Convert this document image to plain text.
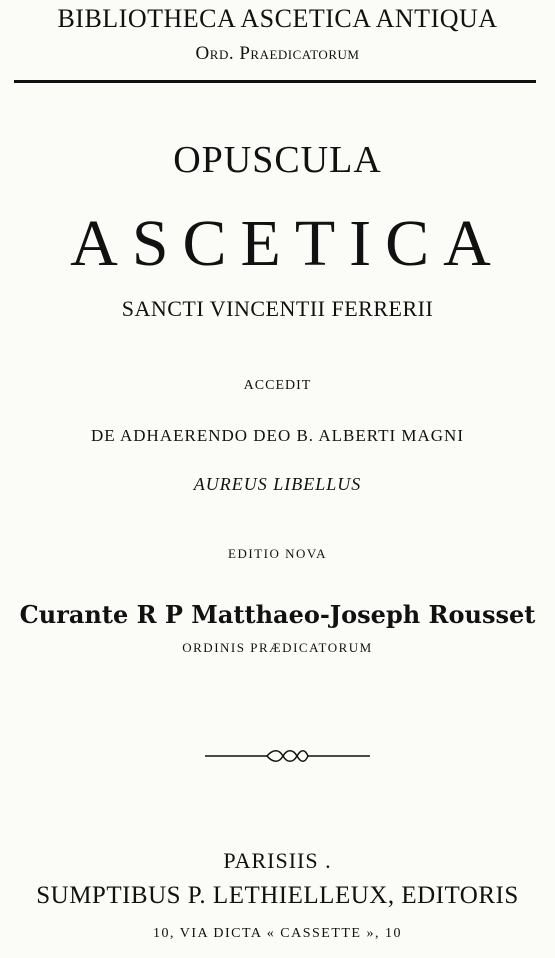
BIBLIOTHECA ASCETICA ANTIQUA
Ord. Praedicatorum
OPUSCULA
ASCETICA
SANCTI VINCENTII FERRERII
ACCEDIT
DE ADHAERENDO DEO B. ALBERTI MAGNI
AUREUS LIBELLUS
EDITIO NOVA
Curante R P Matthaeo-Joseph Rousset
ORDINIS PRÆDICATORUM
PARISIIS .
SUMPTIBUS P. LETHIELLEUX, EDITORIS
10, VIA DICTA « CASSETTE », 10
